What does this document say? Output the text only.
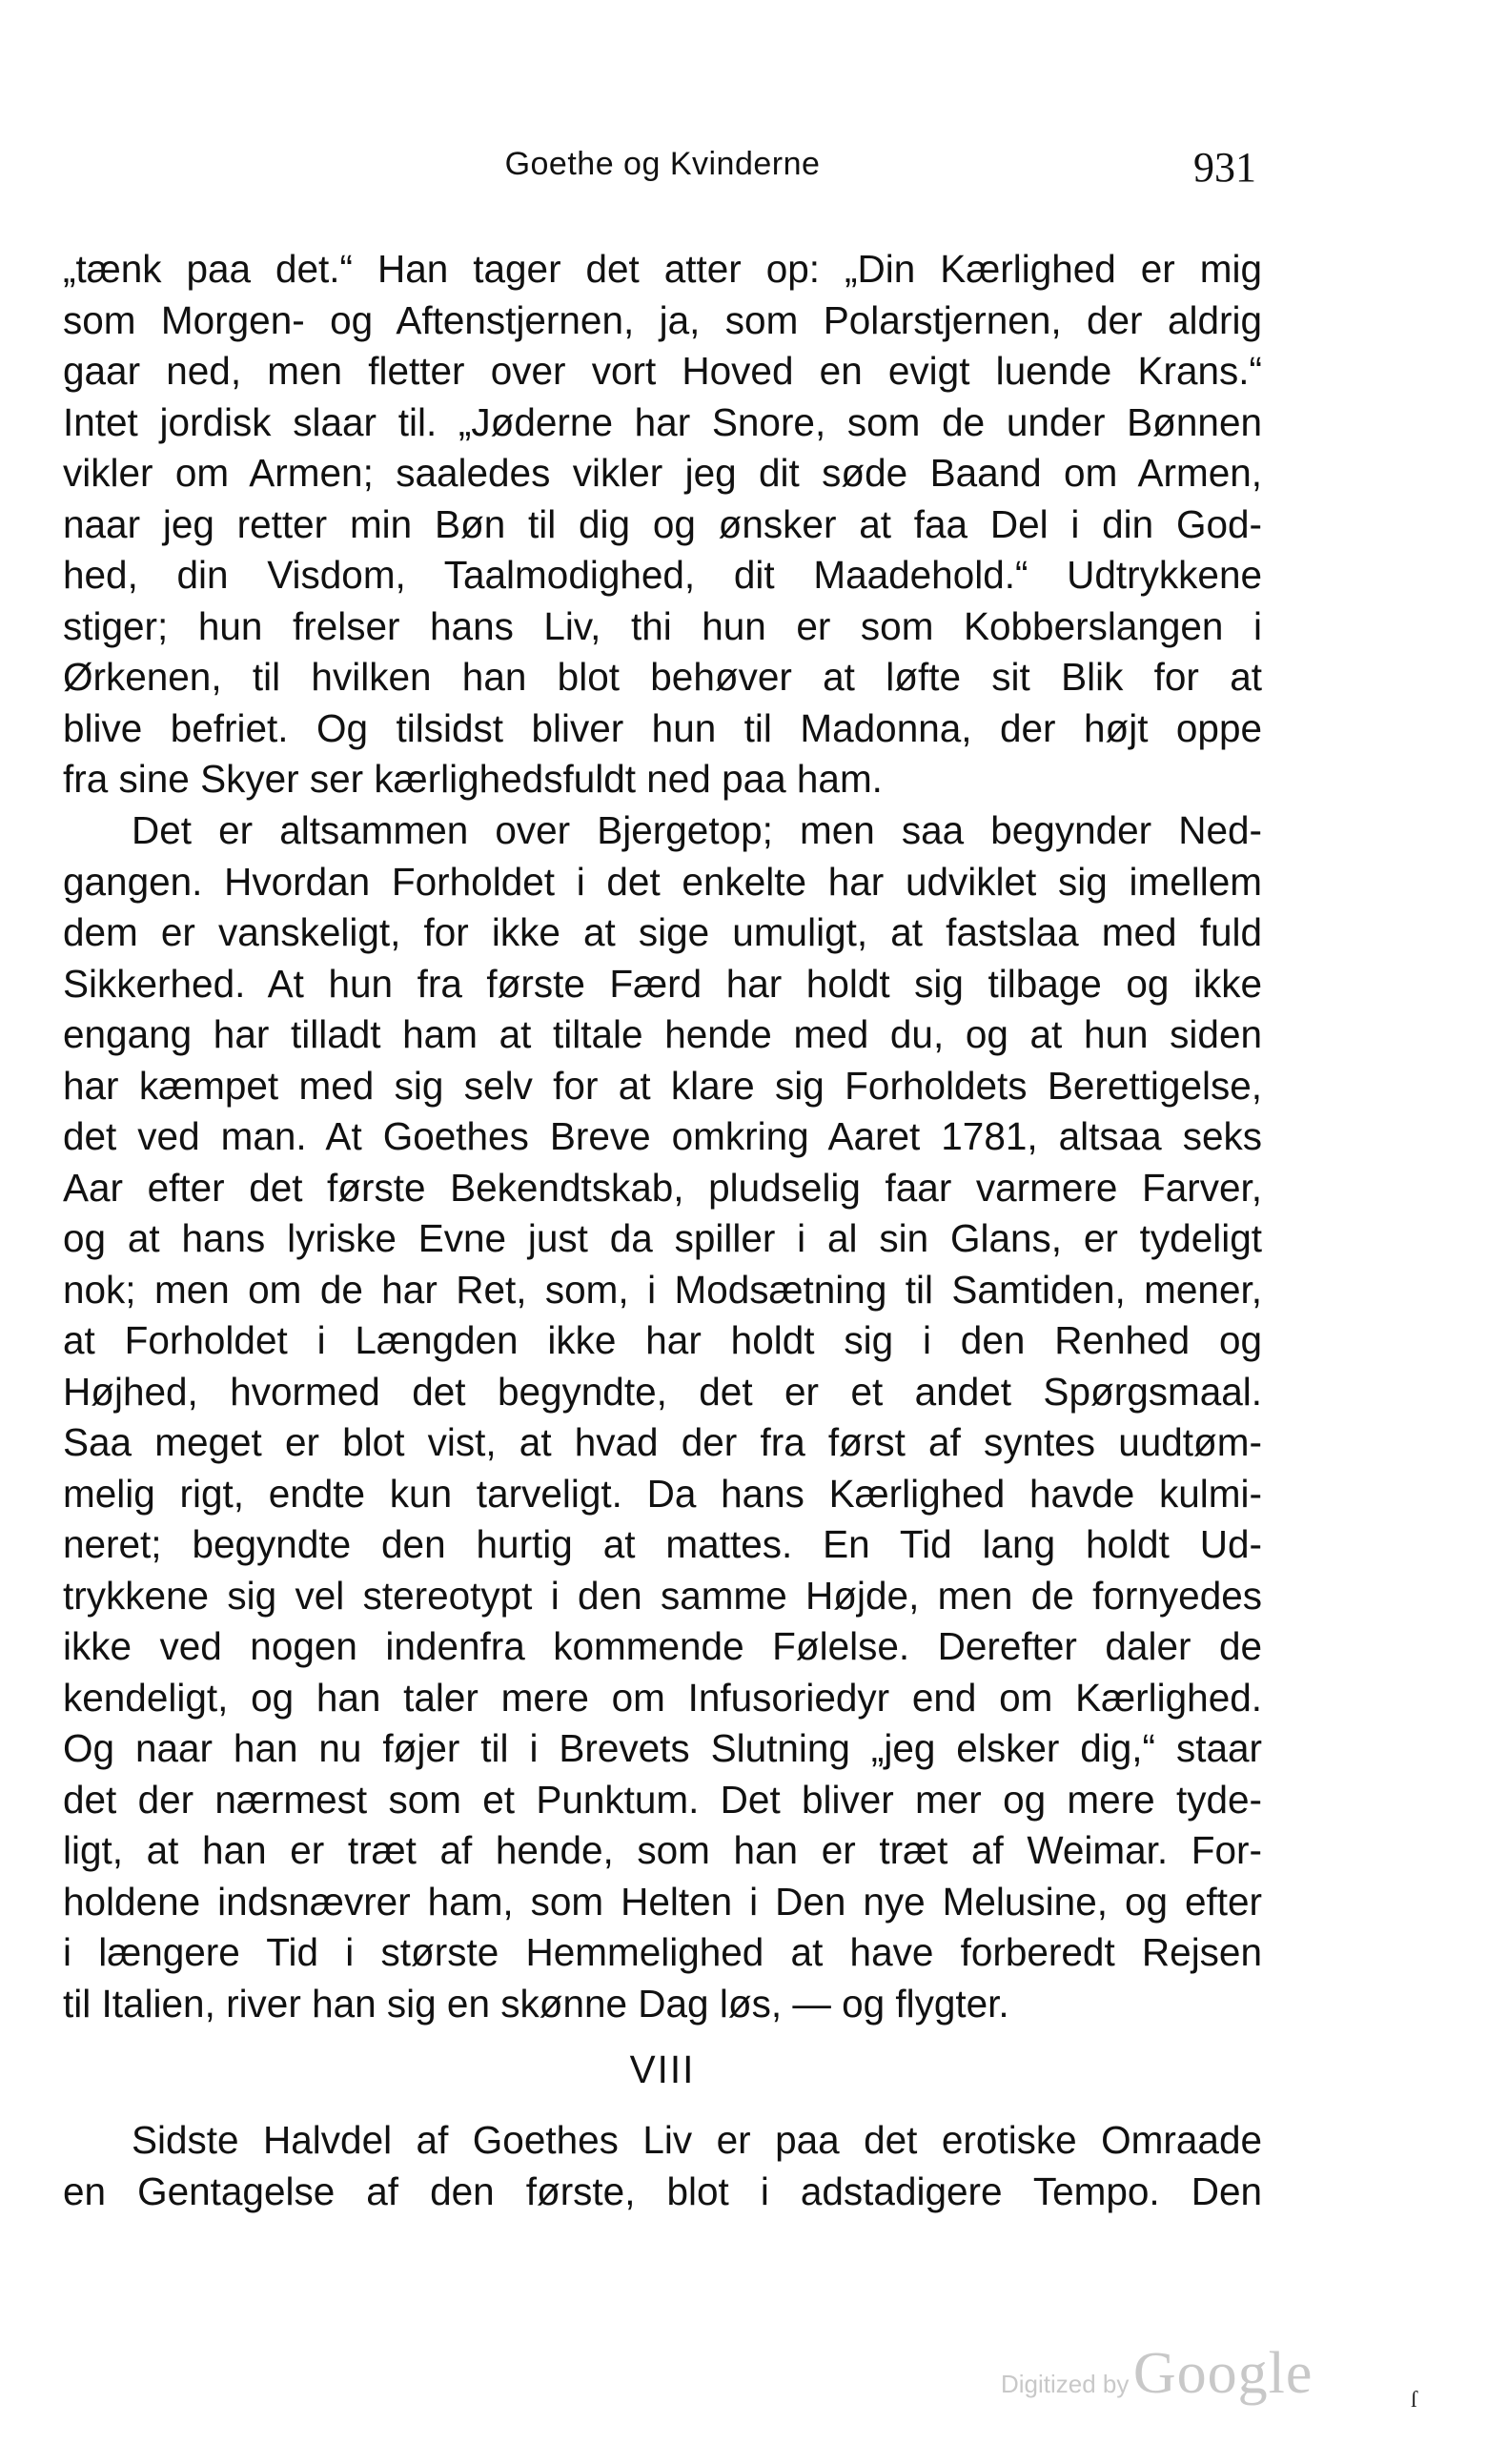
Goethe og Kvinderne	931
„tænk paa det.“ Han tager det atter op: „Din Kærlighed er mig
som Morgen- og Aftenstjernen, ja, som Polarstjernen, der aldrig
gaar ned, men fletter over vort Hoved en evigt luende Krans.“
Intet jordisk slaar til. „Jøderne har Snore, som de under Bønnen
vikler om Armen; saaledes vikler jeg dit søde Baand om Armen,
naar jeg retter min Bøn til dig og ønsker at faa Del i din God-
hed, din Visdom, Taalmodighed, dit Maadehold.“ Udtrykkene
stiger; hun frelser hans Liv, thi hun er som Kobberslangen i
Ørkenen, til hvilken han blot behøver at løfte sit Blik for at
blive befriet. Og tilsidst bliver hun til Madonna, der højt oppe
fra sine Skyer ser kærlighedsfuldt ned paa ham.
Det er altsammen over Bjergetop; men saa begynder Ned-
gangen. Hvordan Forholdet i det enkelte har udviklet sig imellem
dem er vanskeligt, for ikke at sige umuligt, at fastslaa med fuld
Sikkerhed. At hun fra første Færd har holdt sig tilbage og ikke
engang har tilladt ham at tiltale hende med du, og at hun siden
har kæmpet med sig selv for at klare sig Forholdets Berettigelse,
det ved man. At Goethes Breve omkring Aaret 1781, altsaa seks
Aar efter det første Bekendtskab, pludselig faar varmere Farver,
og at hans lyriske Evne just da spiller i al sin Glans, er tydeligt
nok; men om de har Ret, som, i Modsætning til Samtiden, mener,
at Forholdet i Længden ikke har holdt sig i den Renhed og
Højhed, hvormed det begyndte, det er et andet Spørgsmaal.
Saa meget er blot vist, at hvad der fra først af syntes uudtøm-
melig rigt, endte kun tarveligt. Da hans Kærlighed havde kulmi-
neret; begyndte den hurtig at mattes. En Tid lang holdt Ud-
trykkene sig vel stereotypt i den samme Højde, men de fornyedes
ikke ved nogen indenfra kommende Følelse. Derefter daler de
kendeligt, og han taler mere om Infusoriedyr end om Kærlighed.
Og naar han nu føjer til i Brevets Slutning „jeg elsker dig,“ staar
det der nærmest som et Punktum. Det bliver mer og mere tyde-
ligt, at han er træt af hende, som han er træt af Weimar. For-
holdene indsnævrer ham, som Helten i Den nye Melusine, og efter
i længere Tid i største Hemmelighed at have forberedt Rejsen
til Italien, river han sig en skønne Dag løs, — og flygter.
VIII
Sidste Halvdel af Goethes Liv er paa det erotiske Omraade
en Gentagelse af den første, blot i adstadigere Tempo. Den
Digitized by Google	ſ
